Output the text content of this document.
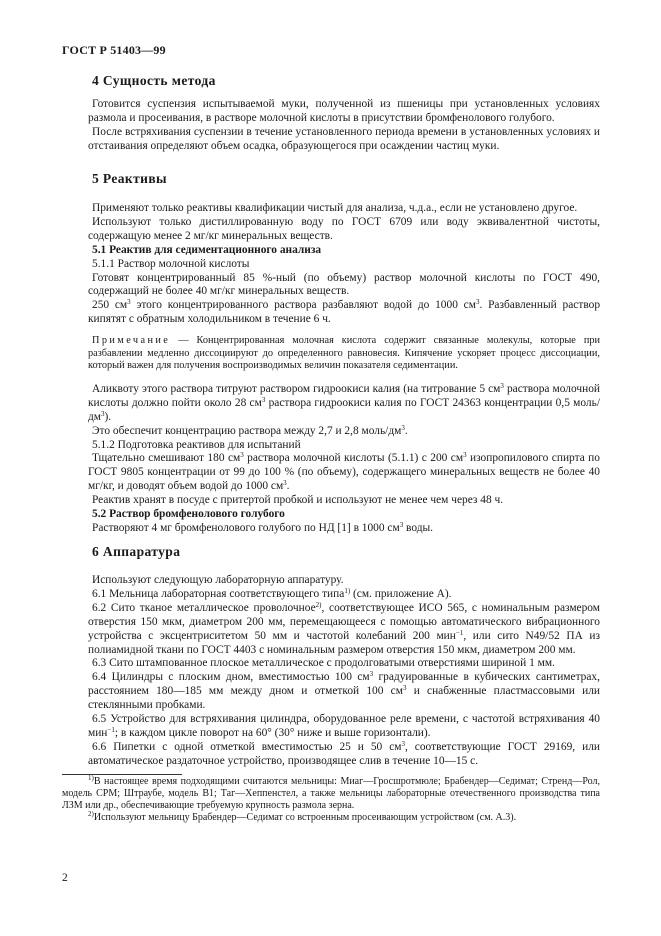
ГОСТ Р 51403—99
4 Сущность метода

Готовится суспензия испытываемой муки, полученной из пшеницы при установленных условиях размола и просеивания, в растворе молочной кислоты в присутствии бромфенолового голубого.

После встряхивания суспензии в течение установленного периода времени в установленных условиях и отстаивания определяют объем осадка, образующегося при осаждении частиц муки.

5 Реактивы

Применяют только реактивы квалификации чистый для анализа, ч.д.а., если не установлено другое.

Используют только дистиллированную воду по ГОСТ 6709 или воду эквивалентной чистоты, содержащую менее 2 мг/кг минеральных веществ.

5.1 Реактив для седиментационного анализа

5.1.1 Раствор молочной кислоты

Готовят концентрированный 85 %-ный (по объему) раствор молочной кислоты по ГОСТ 490, содержащий не более 40 мг/кг минеральных веществ.

250 $см^3$ этого концентрированного раствора разбавляют водой до 1000 $см^3$. Разбавленный раствор кипятят с обратным холодильником в течение 6 ч.

Примечание — Концентрированная молочная кислота содержит связанные молекулы, которые при разбавлении медленно диссоциируют до определенного равновесия. Кипячение ускоряет процесс диссоциации, который важен для получения воспроизводимых величин показателя седиментации.

Аликвоту этого раствора титруют раствором гидроокиси калия (на титрование 5 $см^3$ раствора молочной кислоты должно пойти около 28 $см^3$ раствора гидроокиси калия по ГОСТ 24363 концентрации 0,5 моль/$дм^3$).

Это обеспечит концентрацию раствора между 2,7 и 2,8 моль/$дм^3$.

5.1.2 Подготовка реактивов для испытаний

Тщательно смешивают 180 $см^3$ раствора молочной кислоты (5.1.1) с 200 $см^3$ изопропилового спирта по ГОСТ 9805 концентрации от 99 до 100 % (по объему), содержащего минеральных веществ не более 40 мг/кг, и доводят объем водой до 1000 $см^3$.

Реактив хранят в посуде с притертой пробкой и используют не менее чем через 48 ч.

5.2 Раствор бромфенолового голубого

Растворяют 4 мг бромфенолового голубого по НД [1] в 1000 $см^3$ воды.

6 Аппаратура

Используют следующую лабораторную аппаратуру.

6.1 Мельница лабораторная соответствующего типа$^{1)}$ (см. приложение А).

6.2 Сито тканое металлическое проволочное$^{2)}$, соответствующее ИСО 565, с номинальным размером отверстия 150 мкм, диаметром 200 мм, перемещающееся с помощью автоматического вибрационного устройства с эксцентриситетом 50 мм и частотой колебаний 200 мин$^{-1}$, или сито N49/52 ПА из полиамидной ткани по ГОСТ 4403 с номинальным размером отверстия 150 мкм, диаметром 200 мм.

6.3 Сито штампованное плоское металлическое с продолговатыми отверстиями шириной 1 мм.

6.4 Цилиндры с плоским дном, вместимостью 100 $см^3$ градуированные в кубических сантиметрах, расстоянием 180—185 мм между дном и отметкой 100 $см^3$ и снабженные пластмассовыми или стеклянными пробками.

6.5 Устройство для встряхивания цилиндра, оборудованное реле времени, с частотой встряхивания 40 мин$^{-1}$; в каждом цикле поворот на 60° (30° ниже и выше горизонтали).

6.6 Пипетки с одной отметкой вместимостью 25 и 50 $см^3$, соответствующие ГОСТ 29169, или автоматическое раздаточное устройство, производящее слив в течение 10—15 с.

$^{1)}$В настоящее время подходящими считаются мельницы: Миаг—Гросшротмюле; Брабендер—Седимат; Стренд—Рол, модель СРМ; Штраубе, модель В1; Таг—Хеппенстел, а также мельницы лабораторные отечественного производства типа ЛЗМ или др., обеспечивающие требуемую крупность размола зерна.

$^{2)}$Используют мельницу Брабендер—Седимат со встроенным просеивающим устройством (см. А.3).

2
